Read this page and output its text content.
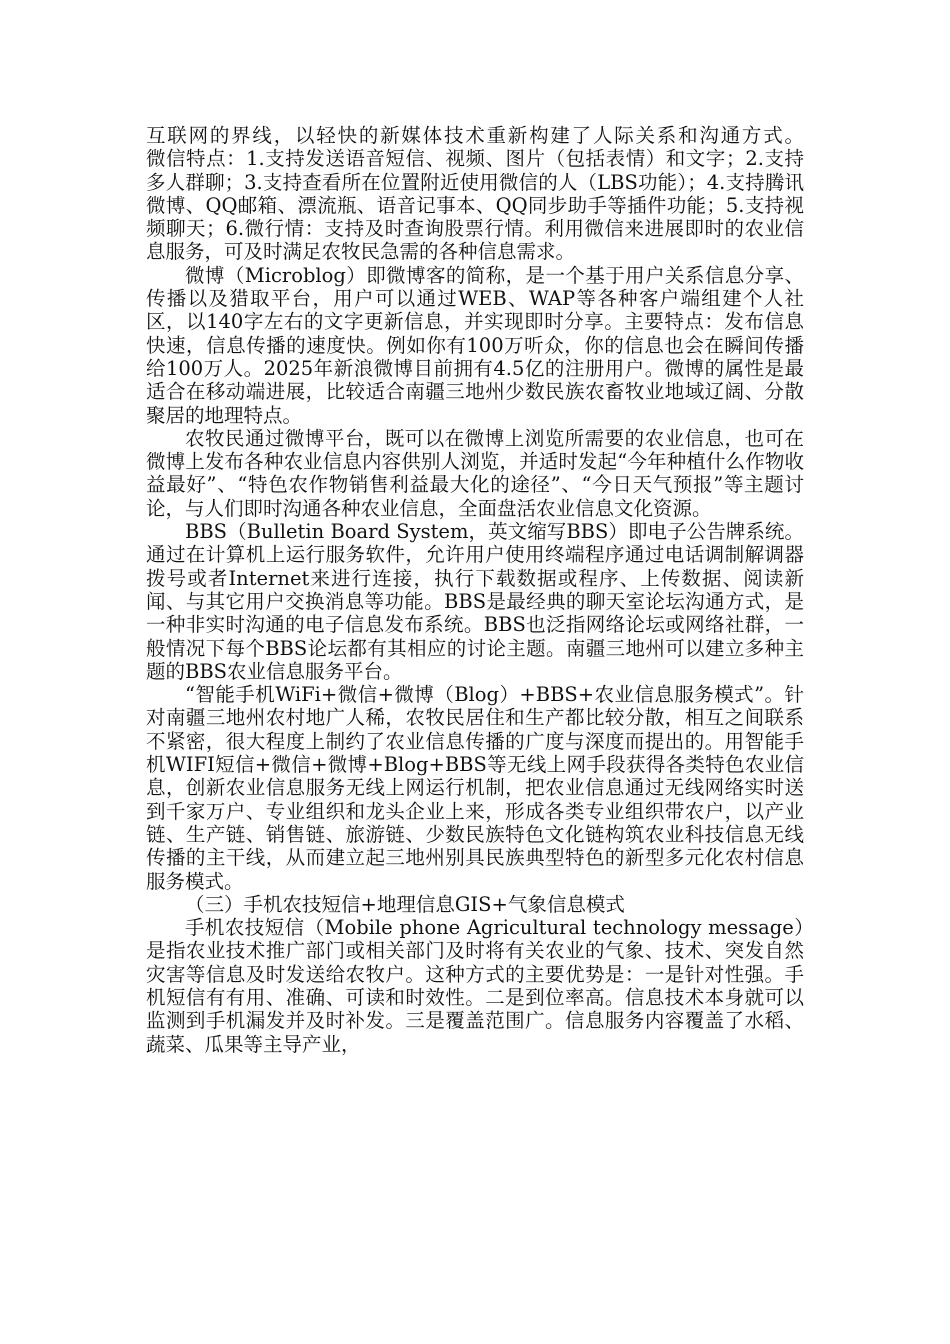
互联网的界线，以轻快的新媒体技术重新构建了人际关系和沟通方式。          微信特点：1.支持发送语音短信、视频、图片（包括表情）和文字；2.支持多人群聊；3.支持查看所在位置附近使用微信的人（LBS功能）；4.支持腾讯微博、QQ邮箱、漂流瓶、语音记事本、QQ同步助手等插件功能；5.支持视频聊天；6.微行情：支持及时查询股票行情。利用微信来进展即时的农业信息服务，可及时满足农牧民急需的各种信息需求。

微博（Microblog）即微博客的简称，是一个基于用户关系信息分享、传播以及猎取平台，用户可以通过WEB、WAP等各种客户端组建个人社区，以140字左右的文字更新信息，并实现即时分享。主要特点：发布信息快速，信息传播的速度快。例如你有100万听众，你的信息也会在瞬间传播给100万人。2025年新浪微博目前拥有4.5亿的注册用户。微博的属性是最适合在移动端进展，比较适合南疆三地州少数民族农畜牧业地域辽阔、分散聚居的地理特点。

农牧民通过微博平台，既可以在微博上浏览所需要的农业信息，也可在微博上发布各种农业信息内容供别人浏览，并适时发起“今年种植什么作物收益最好”、“特色农作物销售利益最大化的途径”、“今日天气预报”等主题讨论，与人们即时沟通各种农业信息，全面盘活农业信息文化资源。

BBS（Bulletin Board System，英文缩写BBS）即电子公告牌系统。通过在计算机上运行服务软件，允许用户使用终端程序通过电话调制解调器拨号或者Internet来进行连接，执行下载数据或程序、上传数据、阅读新闻、与其它用户交换消息等功能。BBS是最经典的聊天室论坛沟通方式，是一种非实时沟通的电子信息发布系统。BBS也泛指网络论坛或网络社群，一般情况下每个BBS论坛都有其相应的讨论主题。南疆三地州可以建立多种主题的BBS农业信息服务平台。

“智能手机WiFi+微信+微博（Blog）+BBS+农业信息服务模式”。针对南疆三地州农村地广人稀，农牧民居住和生产都比较分散，相互之间联系不紧密，很大程度上制约了农业信息传播的广度与深度而提出的。用智能手机WIFI短信+微信+微博+Blog+BBS等无线上网手段获得各类特色农业信息，创新农业信息服务无线上网运行机制，把农业信息通过无线网络实时送到千家万户、专业组织和龙头企业上来，形成各类专业组织带农户，以产业链、生产链、销售链、旅游链、少数民族特色文化链构筑农业科技信息无线传播的主干线，从而建立起三地州别具民族典型特色的新型多元化农村信息服务模式。

（三）手机农技短信+地理信息GIS+气象信息模式

手机农技短信（Mobile phone Agricultural technology message）是指农业技术推广部门或相关部门及时将有关农业的气象、技术、突发自然灾害等信息及时发送给农牧户。这种方式的主要优势是：一是针对性强。手机短信有有用、准确、可读和时效性。二是到位率高。信息技术本身就可以监测到手机漏发并及时补发。三是覆盖范围广。信息服务内容覆盖了水稻、蔬菜、瓜果等主导产业，
